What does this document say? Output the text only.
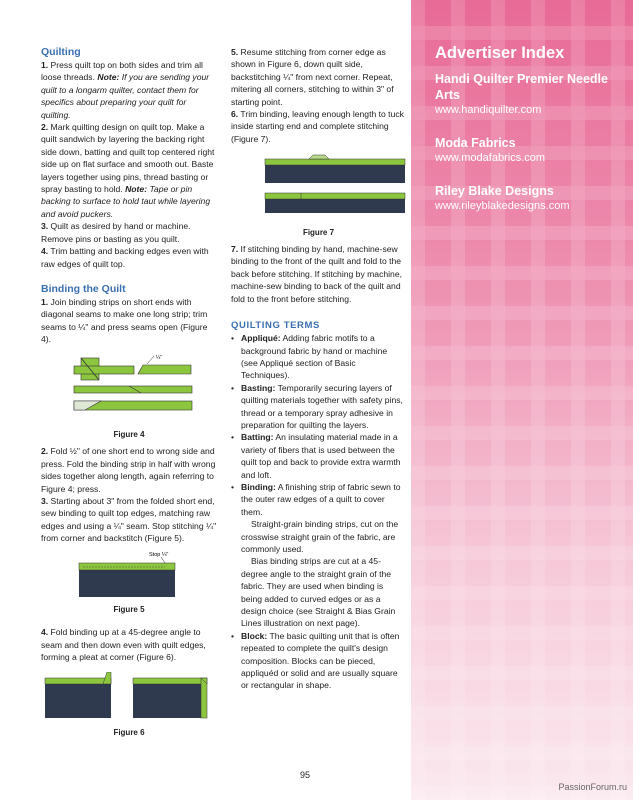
Quilting

1. Press quilt top on both sides and trim all loose threads. Note: If you are sending your quilt to a longarm quilter, contact them for specifics about preparing your quilt for quilting.

2. Mark quilting design on quilt top. Make a quilt sandwich by layering the backing right side down, batting and quilt top centered right side up on flat surface and smooth out. Baste layers together using pins, thread basting or spray basting to hold. Note: Tape or pin backing to surface to hold taut while layering and avoid puckers.

3. Quilt as desired by hand or machine. Remove pins or basting as you quilt.

4. Trim batting and backing edges even with raw edges of quilt top.

Binding the Quilt

1. Join binding strips on short ends with diagonal seams to make one long strip; trim seams to ¼" and press seams open (Figure 4).

¼"
Figure 4

2. Fold ½" of one short end to wrong side and press. Fold the binding strip in half with wrong sides together along length, again referring to Figure 4; press.

3. Starting about 3" from the folded short end, sew binding to quilt top edges, matching raw edges and using a ¼" seam. Stop stitching ¼" from corner and backstitch (Figure 5).

Stop ¼"
Figure 5

4. Fold binding up at a 45-degree angle to seam and then down even with quilt edges, forming a pleat at corner (Figure 6).

Figure 6

5. Resume stitching from corner edge as shown in Figure 6, down quilt side, backstitching ¼" from next corner. Repeat, mitering all corners, stitching to within 3" of starting point.

6. Trim binding, leaving enough length to tuck inside starting end and complete stitching (Figure 7).

Figure 7

7. If stitching binding by hand, machine-sew binding to the front of the quilt and fold to the back before stitching. If stitching by machine, machine-sew binding to back of the quilt and fold to the front before stitching.

QUILTING TERMS
• Appliqué: Adding fabric motifs to a background fabric by hand or machine (see Appliqué section of Basic Techniques).
• Basting: Temporarily securing layers of quilting materials together with safety pins, thread or a temporary spray adhesive in preparation for quilting the layers.
• Batting: An insulating material made in a variety of fibers that is used between the quilt top and back to provide extra warmth and loft.
• Binding: A finishing strip of fabric sewn to the outer raw edges of a quilt to cover them.
Straight-grain binding strips, cut on the crosswise straight grain of the fabric, are commonly used.
Bias binding strips are cut at a 45-degree angle to the straight grain of the fabric. They are used when binding is being added to curved edges or as a design choice (see Straight & Bias Grain Lines illustration on next page).
• Block: The basic quilting unit that is often repeated to complete the quilt's design composition. Blocks can be pieced, appliquéd or solid and are usually square or rectangular in shape.
Advertiser Index
Handi Quilter Premier Needle Arts
www.handiquilter.com
Moda Fabrics
www.modafabrics.com
Riley Blake Designs
www.rileyblakedesigns.com
95
PassionForum.ru
